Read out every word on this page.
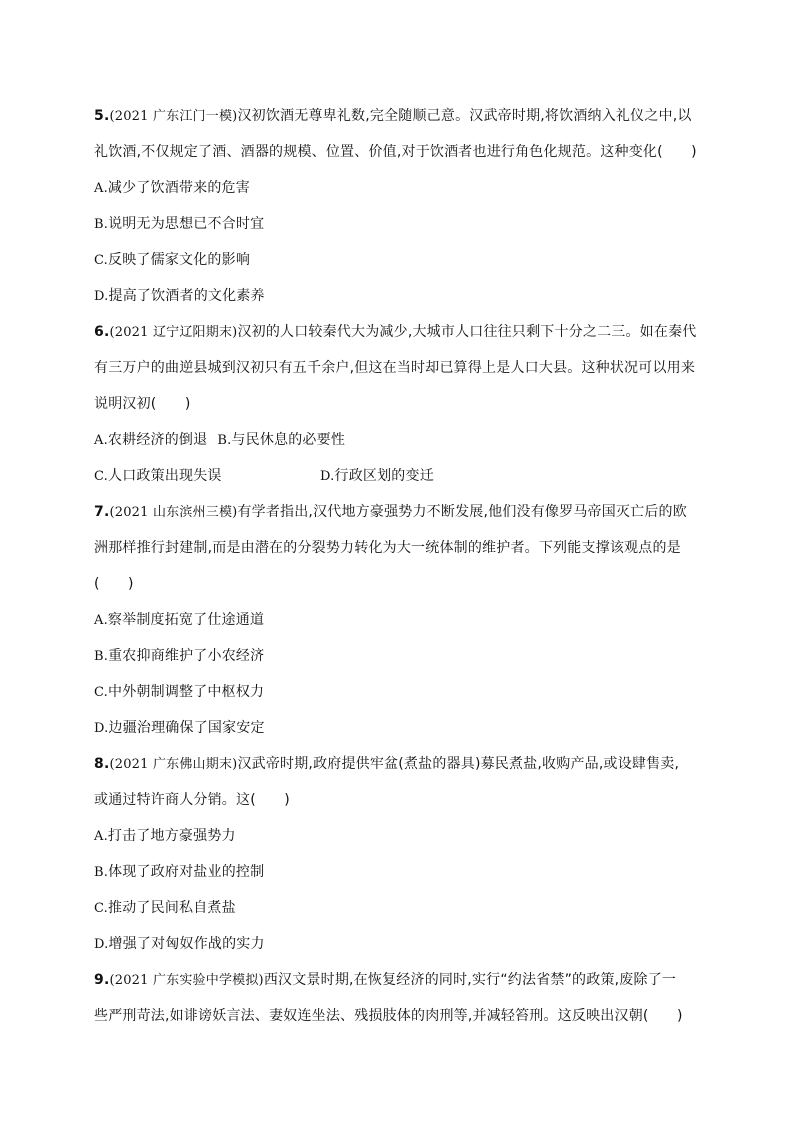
5.(2021 广东江门一模)汉初饮酒无尊卑礼数,完全随顺己意。汉武帝时期,将饮酒纳入礼仪之中,以
礼饮酒,不仅规定了酒、酒器的规模、位置、价值,对于饮酒者也进行角色化规范。这种变化(　　)
A.减少了饮酒带来的危害
B.说明无为思想已不合时宜
C.反映了儒家文化的影响
D.提高了饮酒者的文化素养
6.(2021 辽宁辽阳期末)汉初的人口较秦代大为减少,大城市人口往往只剩下十分之二三。如在秦代
有三万户的曲逆县城到汉初只有五千余户,但这在当时却已算得上是人口大县。这种状况可以用来
说明汉初(　　)
A.农耕经济的倒退 B.与民休息的必要性
C.人口政策出现失误	D.行政区划的变迁
7.(2021 山东滨州三模)有学者指出,汉代地方豪强势力不断发展,他们没有像罗马帝国灭亡后的欧
洲那样推行封建制,而是由潜在的分裂势力转化为大一统体制的维护者。下列能支撑该观点的是
(　　)
A.察举制度拓宽了仕途通道
B.重农抑商维护了小农经济
C.中外朝制调整了中枢权力
D.边疆治理确保了国家安定
8.(2021 广东佛山期末)汉武帝时期,政府提供牢盆(煮盐的器具)募民煮盐,收购产品,或设肆售卖,
或通过特许商人分销。这(　　)
A.打击了地方豪强势力
B.体现了政府对盐业的控制
C.推动了民间私自煮盐
D.增强了对匈奴作战的实力
9.(2021 广东实验中学模拟)西汉文景时期,在恢复经济的同时,实行“约法省禁”的政策,废除了一
些严刑苛法,如诽谤妖言法、妻奴连坐法、残损肢体的肉刑等,并减轻笞刑。这反映出汉朝(　　)
